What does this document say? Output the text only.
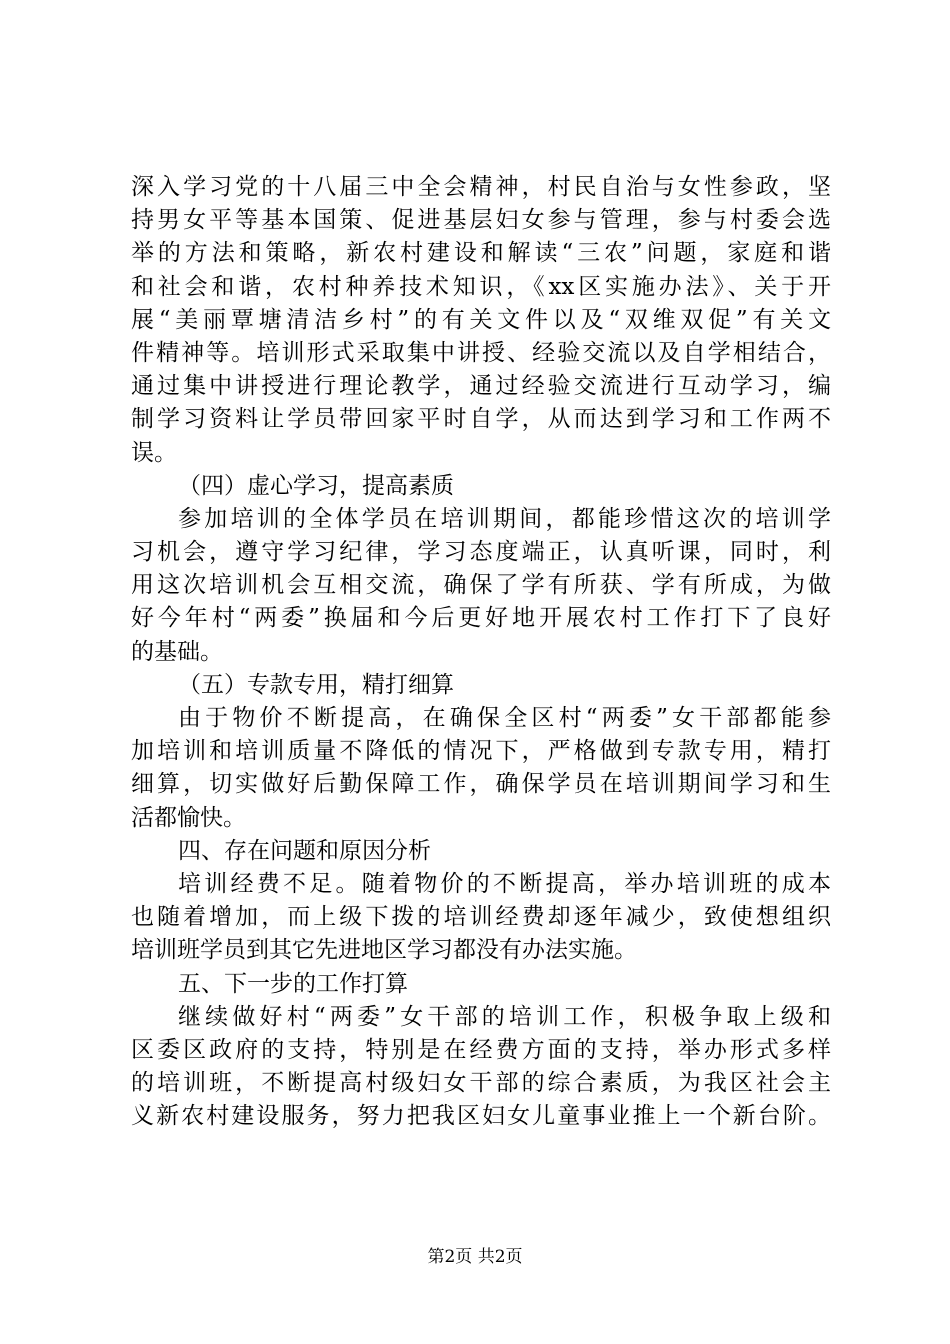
深入学习党的十八届三中全会精神，村民自治与女性参政，坚
持男女平等基本国策、促进基层妇女参与管理，参与村委会选
举的方法和策略，新农村建设和解读“三农”问题，家庭和谐
和社会和谐，农村种养技术知识，《xx区实施办法》、关于开
展“美丽覃塘清洁乡村”的有关文件以及“双维双促”有关文
件精神等。培训形式采取集中讲授、经验交流以及自学相结合，
通过集中讲授进行理论教学，通过经验交流进行互动学习，编
制学习资料让学员带回家平时自学，从而达到学习和工作两不
误。
（四）虚心学习，提高素质
参加培训的全体学员在培训期间，都能珍惜这次的培训学
习机会，遵守学习纪律，学习态度端正，认真听课，同时，利
用这次培训机会互相交流，确保了学有所获、学有所成，为做
好今年村“两委”换届和今后更好地开展农村工作打下了良好
的基础。
（五）专款专用，精打细算
由于物价不断提高，在确保全区村“两委”女干部都能参
加培训和培训质量不降低的情况下，严格做到专款专用，精打
细算，切实做好后勤保障工作，确保学员在培训期间学习和生
活都愉快。
四、存在问题和原因分析
培训经费不足。随着物价的不断提高，举办培训班的成本
也随着增加，而上级下拨的培训经费却逐年减少，致使想组织
培训班学员到其它先进地区学习都没有办法实施。
五、下一步的工作打算
继续做好村“两委”女干部的培训工作，积极争取上级和
区委区政府的支持，特别是在经费方面的支持，举办形式多样
的培训班，不断提高村级妇女干部的综合素质，为我区社会主
义新农村建设服务，努力把我区妇女儿童事业推上一个新台阶。
第2页 共2页
